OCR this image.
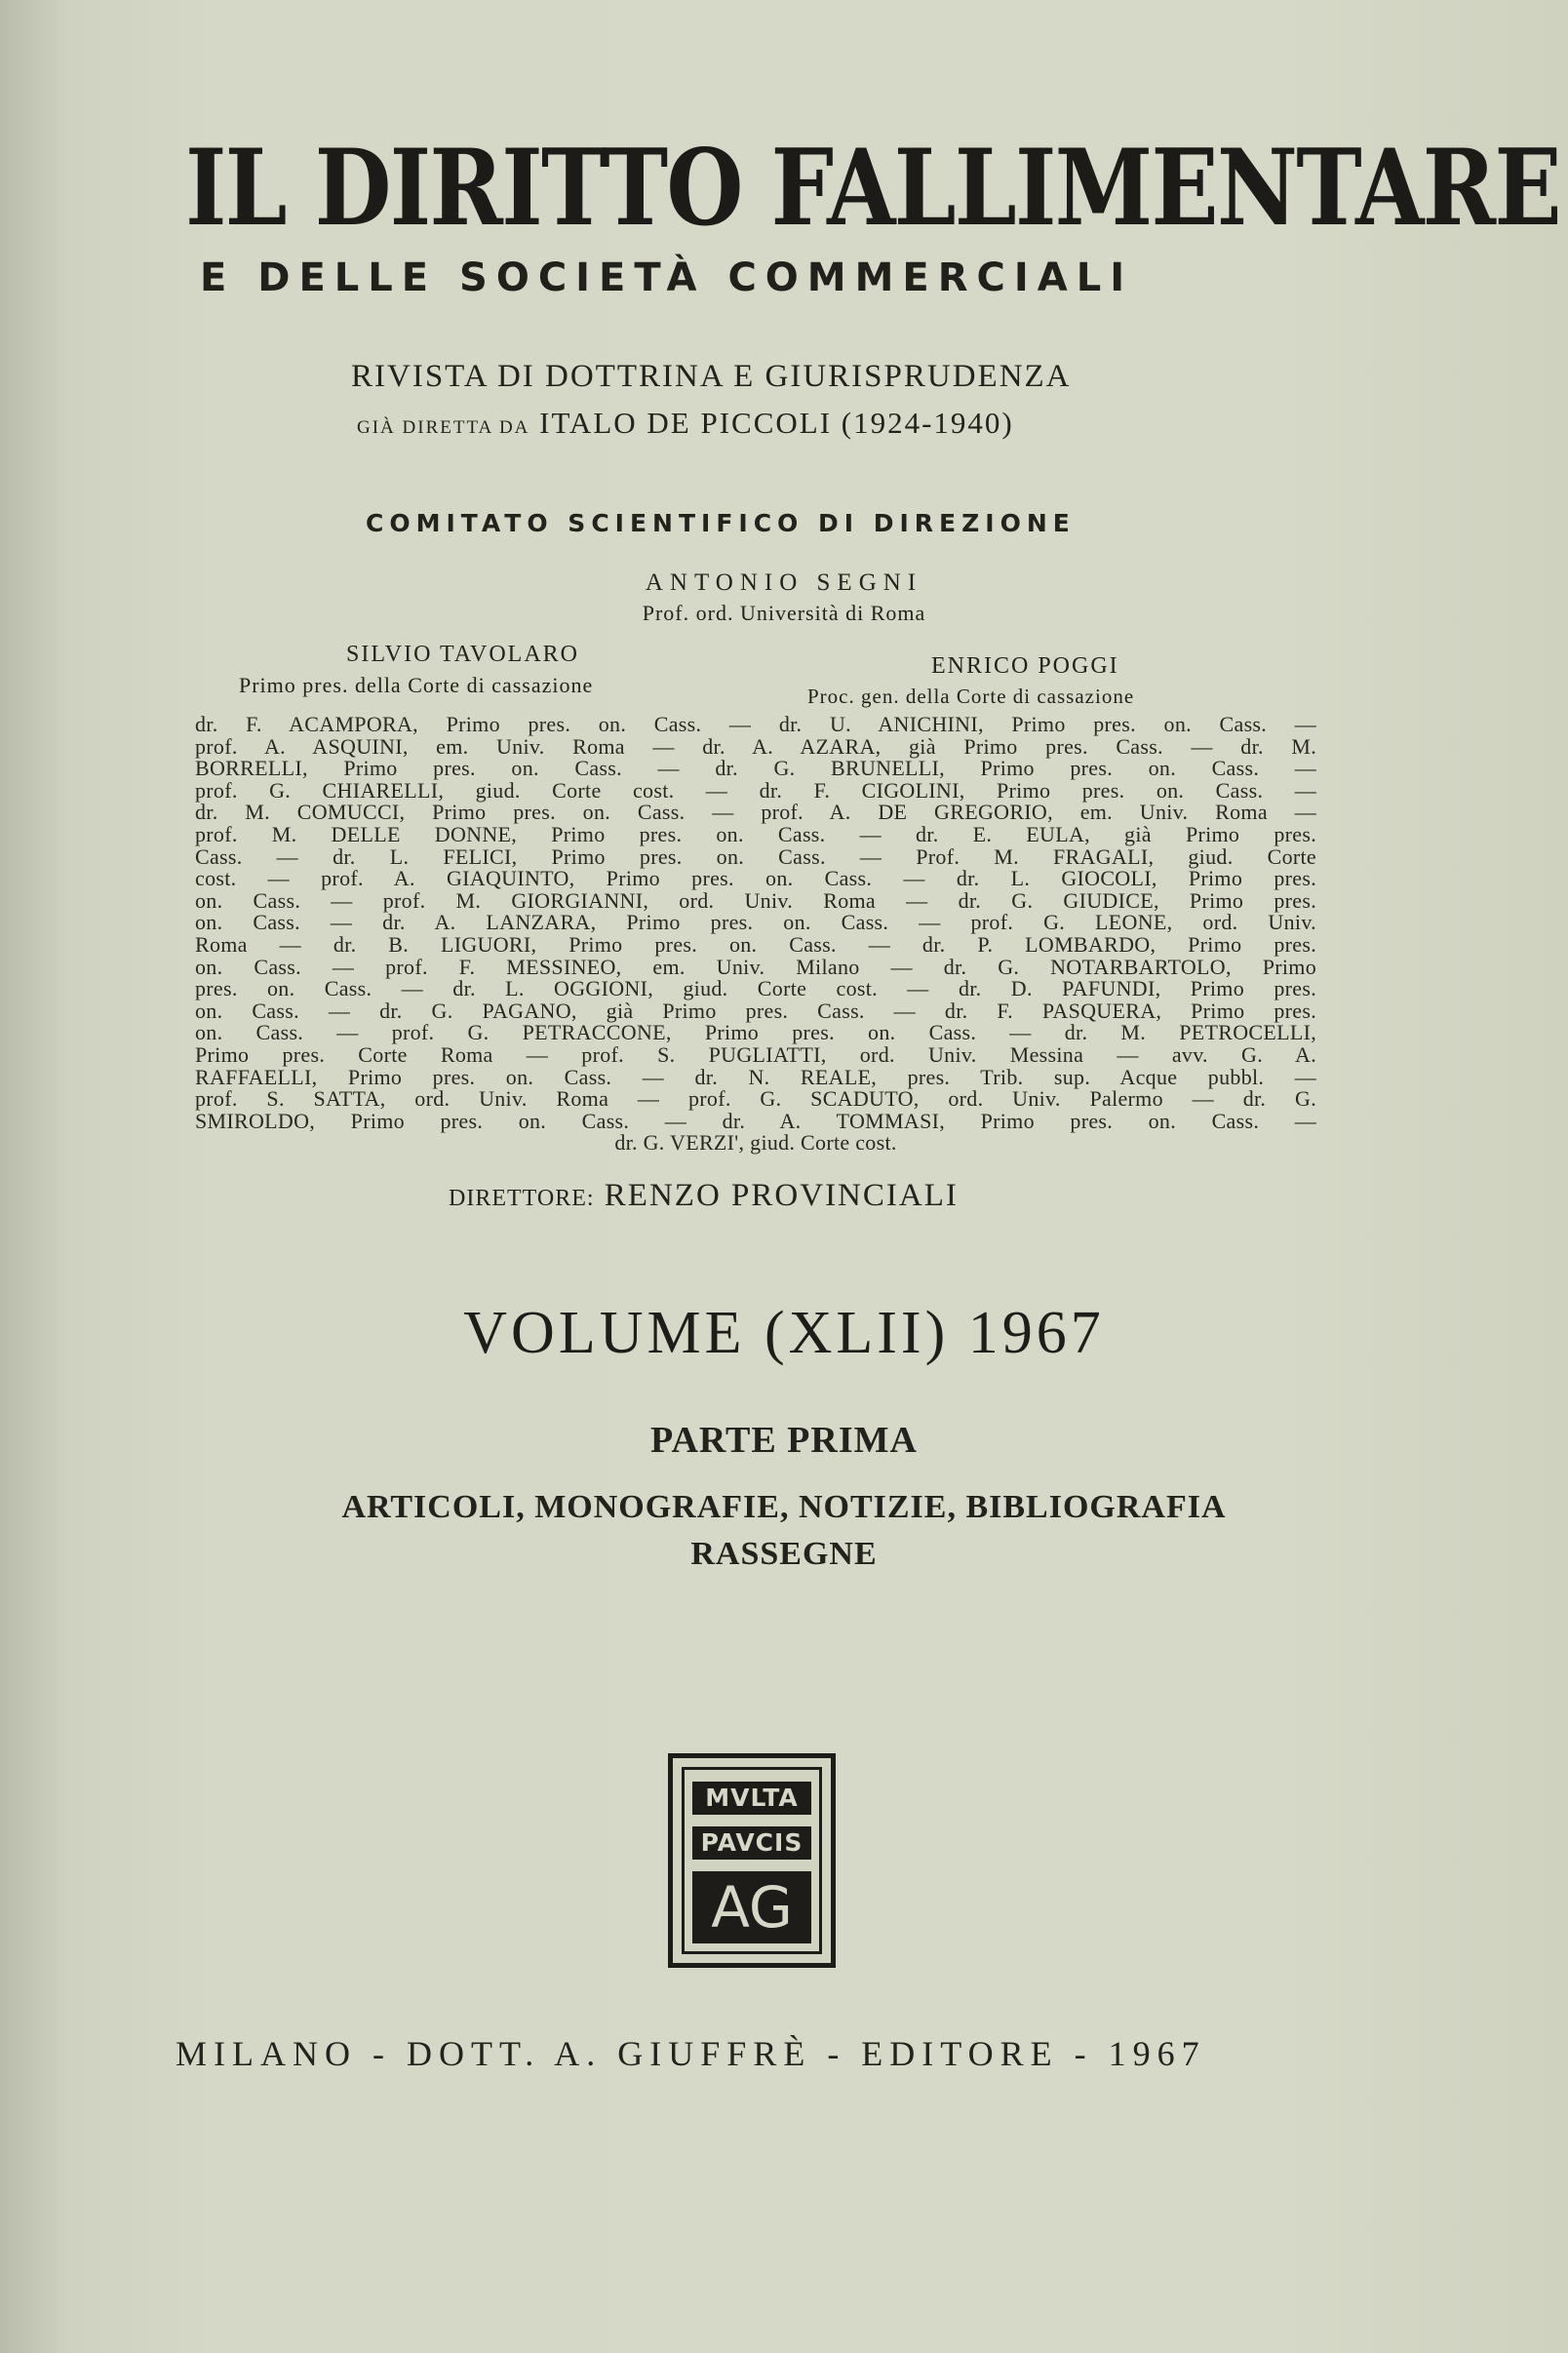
IL DIRITTO FALLIMENTARE
E DELLE SOCIETÀ COMMERCIALI
RIVISTA DI DOTTRINA E GIURISPRUDENZA
GIÀ DIRETTA DA ITALO DE PICCOLI (1924-1940)
COMITATO SCIENTIFICO DI DIREZIONE
ANTONIO SEGNI
Prof. ord. Università di Roma
SILVIO TAVOLARO
Primo pres. della Corte di cassazione
ENRICO POGGI
Proc. gen. della Corte di cassazione
dr. F. ACAMPORA, Primo pres. on. Cass. — dr. U. ANICHINI, Primo pres. on. Cass. —
prof. A. ASQUINI, em. Univ. Roma — dr. A. AZARA, già Primo pres. Cass. — dr. M.
BORRELLI, Primo pres. on. Cass. — dr. G. BRUNELLI, Primo pres. on. Cass. —
prof. G. CHIARELLI, giud. Corte cost. — dr. F. CIGOLINI, Primo pres. on. Cass. —
dr. M. COMUCCI, Primo pres. on. Cass. — prof. A. DE GREGORIO, em. Univ. Roma —
prof. M. DELLE DONNE, Primo pres. on. Cass. — dr. E. EULA, già Primo pres.
Cass. — dr. L. FELICI, Primo pres. on. Cass. — Prof. M. FRAGALI, giud. Corte
cost. — prof. A. GIAQUINTO, Primo pres. on. Cass. — dr. L. GIOCOLI, Primo pres.
on. Cass. — prof. M. GIORGIANNI, ord. Univ. Roma — dr. G. GIUDICE, Primo pres.
on. Cass. — dr. A. LANZARA, Primo pres. on. Cass. — prof. G. LEONE, ord. Univ.
Roma — dr. B. LIGUORI, Primo pres. on. Cass. — dr. P. LOMBARDO, Primo pres.
on. Cass. — prof. F. MESSINEO, em. Univ. Milano — dr. G. NOTARBARTOLO, Primo
pres. on. Cass. — dr. L. OGGIONI, giud. Corte cost. — dr. D. PAFUNDI, Primo pres.
on. Cass. — dr. G. PAGANO, già Primo pres. Cass. — dr. F. PASQUERA, Primo pres.
on. Cass. — prof. G. PETRACCONE, Primo pres. on. Cass. — dr. M. PETROCELLI,
Primo pres. Corte Roma — prof. S. PUGLIATTI, ord. Univ. Messina — avv. G. A.
RAFFAELLI, Primo pres. on. Cass. — dr. N. REALE, pres. Trib. sup. Acque pubbl. —
prof. S. SATTA, ord. Univ. Roma — prof. G. SCADUTO, ord. Univ. Palermo — dr. G.
SMIROLDO, Primo pres. on. Cass. — dr. A. TOMMASI, Primo pres. on. Cass. —
dr. G. VERZI', giud. Corte cost.
DIRETTORE: RENZO PROVINCIALI
VOLUME (XLII) 1967
PARTE PRIMA
ARTICOLI, MONOGRAFIE, NOTIZIE, BIBLIOGRAFIA
RASSEGNE
MVLTA
PAVCIS
AG
MILANO - DOTT. A. GIUFFRÈ - EDITORE - 1967
